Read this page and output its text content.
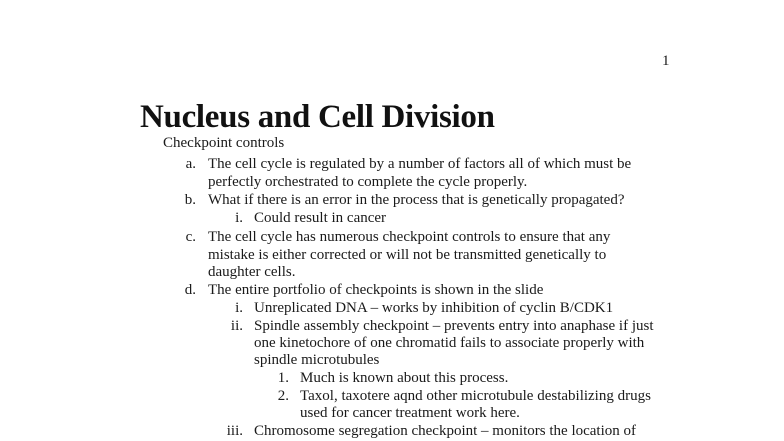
1
Nucleus and Cell Division
Checkpoint controls
a. The cell cycle is regulated by a number of factors all of which must be
perfectly orchestrated to complete the cycle properly.
b. What if there is an error in the process that is genetically propagated?
i. Could result in cancer
c. The cell cycle has numerous checkpoint controls to ensure that any
mistake is either corrected or will not be transmitted genetically to
daughter cells.
d. The entire portfolio of checkpoints is shown in the slide
i. Unreplicated DNA – works by inhibition of cyclin B/CDK1
ii. Spindle assembly checkpoint – prevents entry into anaphase if just
one kinetochore of one chromatid fails to associate properly with
spindle microtubules
1. Much is known about this process.
2. Taxol, taxotere aqnd other microtubule destabilizing drugs
used for cancer treatment work here.
iii. Chromosome segregation checkpoint – monitors the location of
